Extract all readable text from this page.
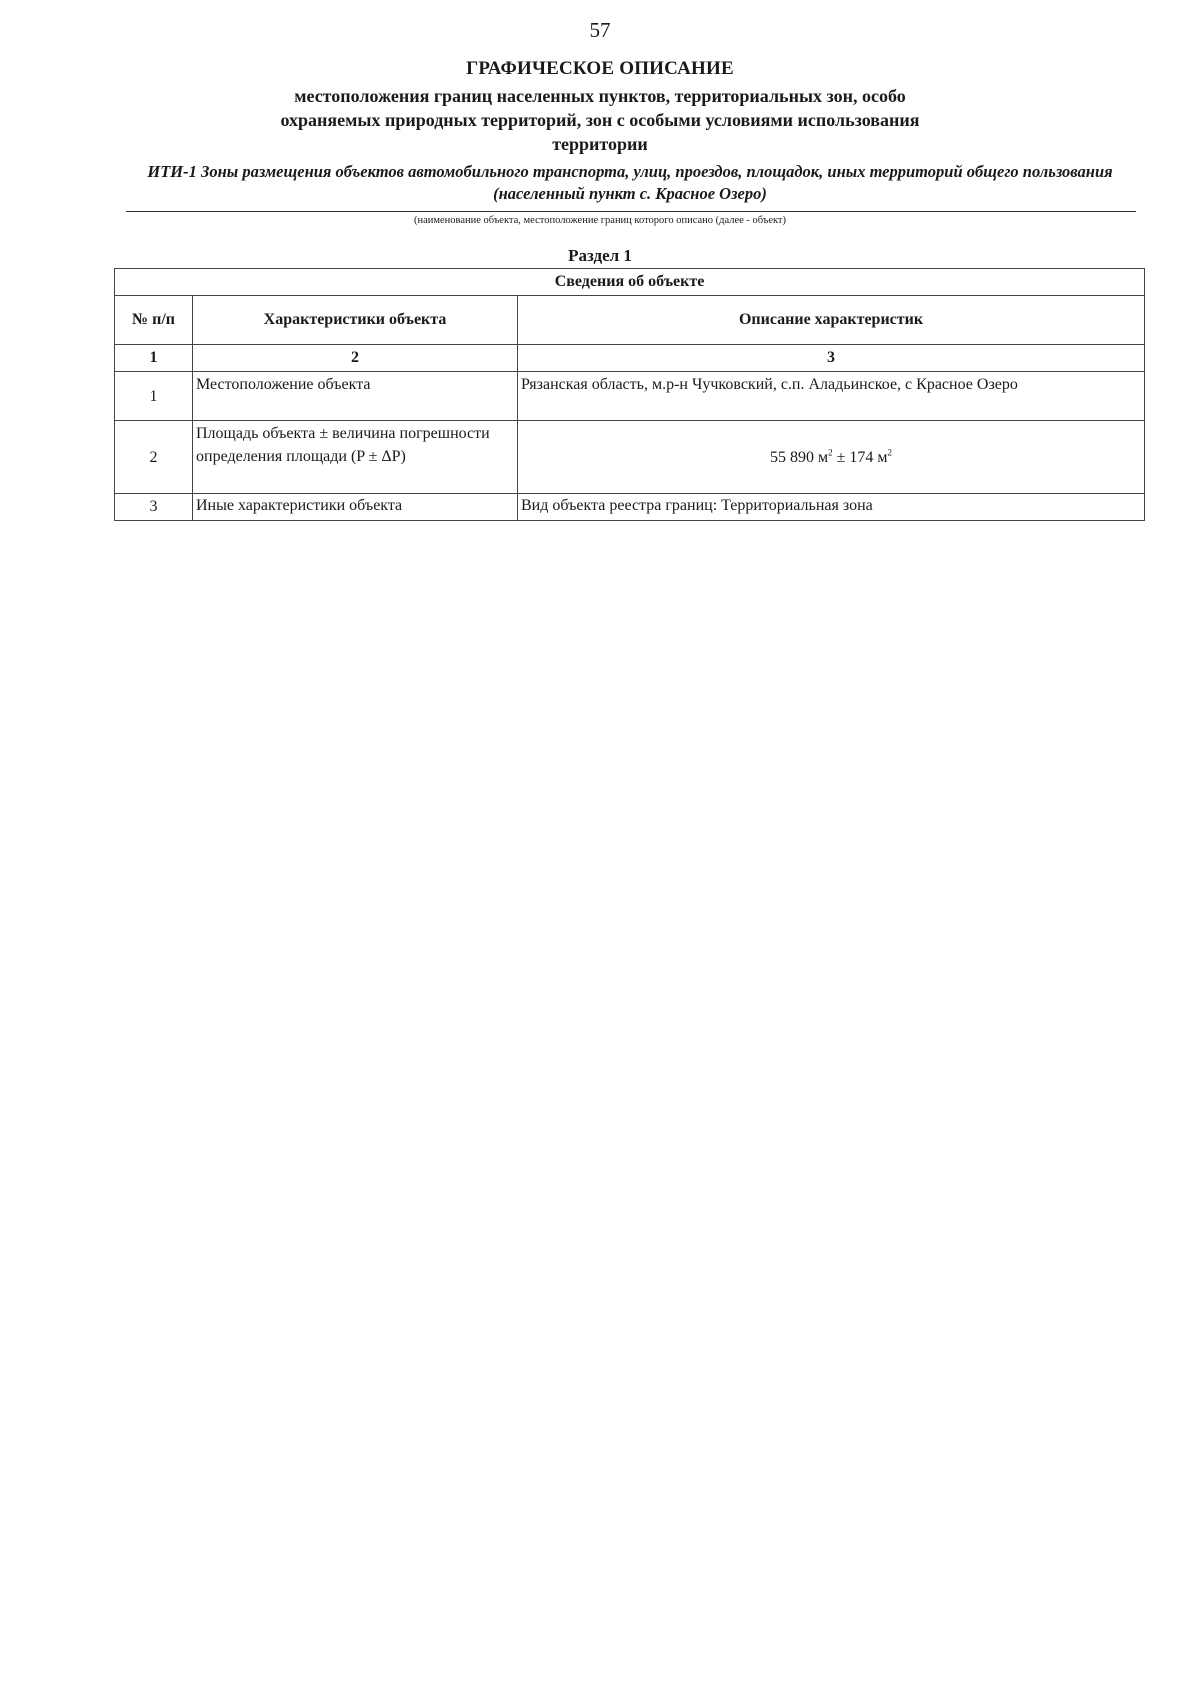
57
ГРАФИЧЕСКОЕ ОПИСАНИЕ
местоположения границ населенных пунктов, территориальных зон, особо охраняемых природных территорий, зон с особыми условиями использования территории
ИТИ-1 Зоны размещения объектов автомобильного транспорта, улиц, проездов, площадок, иных территорий общего пользования (населенный пункт с. Красное Озеро)
(наименование объекта, местоположение границ которого описано (далее - объект)
Раздел 1
Сведения об объекте		
№ п/п	Характеристики объекта	Описание характеристик
1	2	3
1	Местоположение объекта	Рязанская область, м.р-н Чучковский, с.п. Аладьинское, с Красное Озеро
2	Площадь объекта ± величина погрешности определения площади (P ± ΔP)	55 890 $м^2 \pm 174$ $м^2$
3	Иные характеристики объекта	Вид объекта реестра границ: Территориальная зона
